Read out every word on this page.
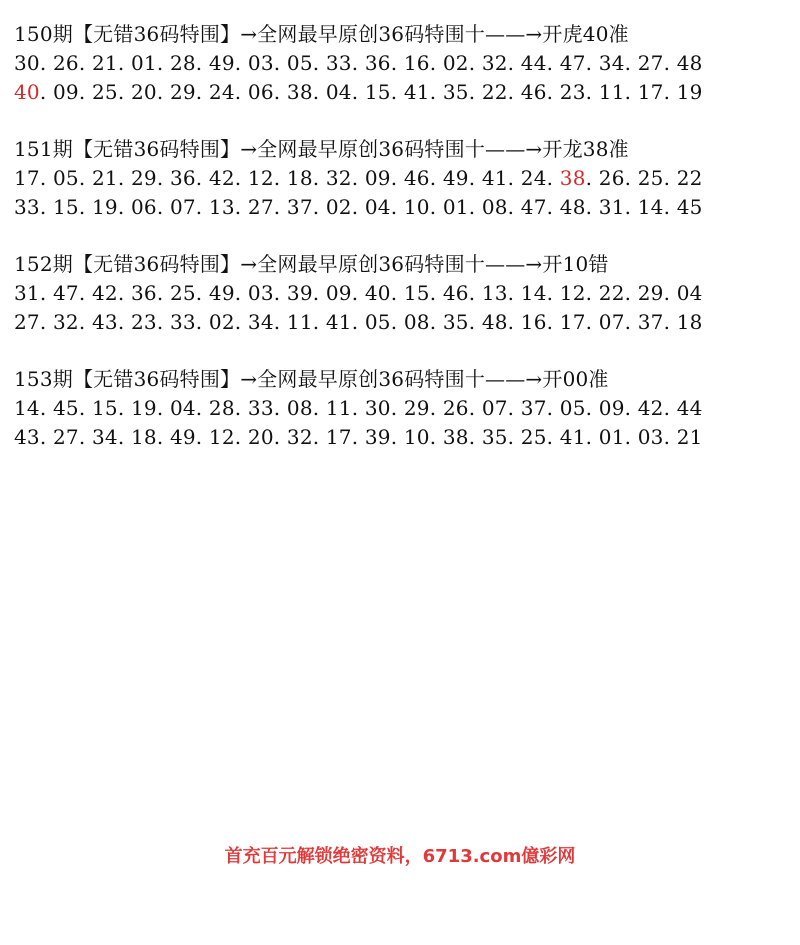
150期【无错36码特围】→全网最早原创36码特围十——→开虎40准
30. 26. 21. 01. 28. 49. 03. 05. 33. 36. 16. 02. 32. 44. 47. 34. 27. 48
40. 09. 25. 20. 29. 24. 06. 38. 04. 15. 41. 35. 22. 46. 23. 11. 17. 19
151期【无错36码特围】→全网最早原创36码特围十——→开龙38准
17. 05. 21. 29. 36. 42. 12. 18. 32. 09. 46. 49. 41. 24. 38. 26. 25. 22
33. 15. 19. 06. 07. 13. 27. 37. 02. 04. 10. 01. 08. 47. 48. 31. 14. 45
152期【无错36码特围】→全网最早原创36码特围十——→开10错
31. 47. 42. 36. 25. 49. 03. 39. 09. 40. 15. 46. 13. 14. 12. 22. 29. 04
27. 32. 43. 23. 33. 02. 34. 11. 41. 05. 08. 35. 48. 16. 17. 07. 37. 18
153期【无错36码特围】→全网最早原创36码特围十——→开00准
14. 45. 15. 19. 04. 28. 33. 08. 11. 30. 29. 26. 07. 37. 05. 09. 42. 44
43. 27. 34. 18. 49. 12. 20. 32. 17. 39. 10. 38. 35. 25. 41. 01. 03. 21
首充百元解锁绝密资料，6713.com億彩网
